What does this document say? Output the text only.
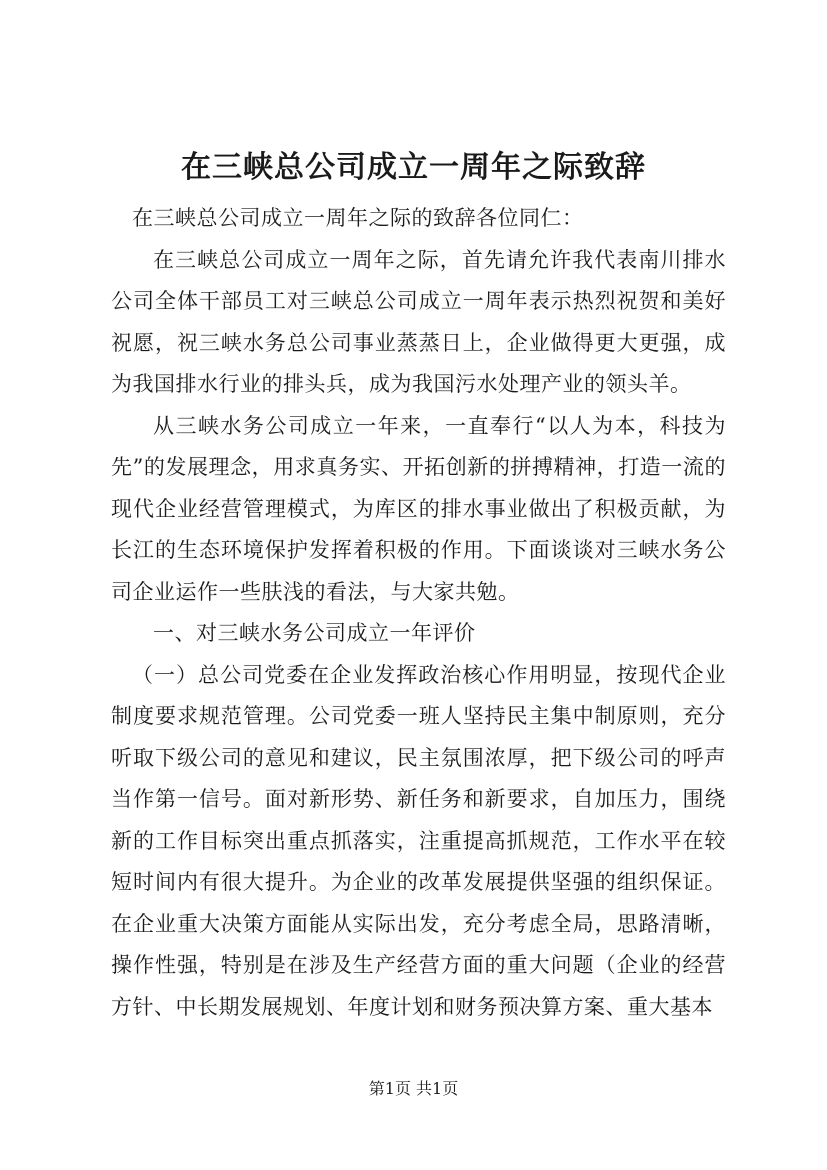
在三峡总公司成立一周年之际致辞

在三峡总公司成立一周年之际的致辞各位同仁：

在三峡总公司成立一周年之际，首先请允许我代表南川排水公司全体干部员工对三峡总公司成立一周年表示热烈祝贺和美好祝愿，祝三峡水务总公司事业蒸蒸日上，企业做得更大更强，成为我国排水行业的排头兵，成为我国污水处理产业的领头羊。

从三峡水务公司成立一年来，一直奉行“以人为本，科技为先”的发展理念，用求真务实、开拓创新的拼搏精神，打造一流的现代企业经营管理模式，为库区的排水事业做出了积极贡献，为长江的生态环境保护发挥着积极的作用。下面谈谈对三峡水务公司企业运作一些肤浅的看法，与大家共勉。

一、对三峡水务公司成立一年评价

（一）总公司党委在企业发挥政治核心作用明显，按现代企业制度要求规范管理。公司党委一班人坚持民主集中制原则，充分听取下级公司的意见和建议，民主氛围浓厚，把下级公司的呼声当作第一信号。面对新形势、新任务和新要求，自加压力，围绕新的工作目标突出重点抓落实，注重提高抓规范，工作水平在较短时间内有很大提升。为企业的改革发展提供坚强的组织保证。在企业重大决策方面能从实际出发，充分考虑全局，思路清晰，操作性强，特别是在涉及生产经营方面的重大问题（企业的经营方针、中长期发展规划、年度计划和财务预决算方案、重大基本

第1页 共1页
